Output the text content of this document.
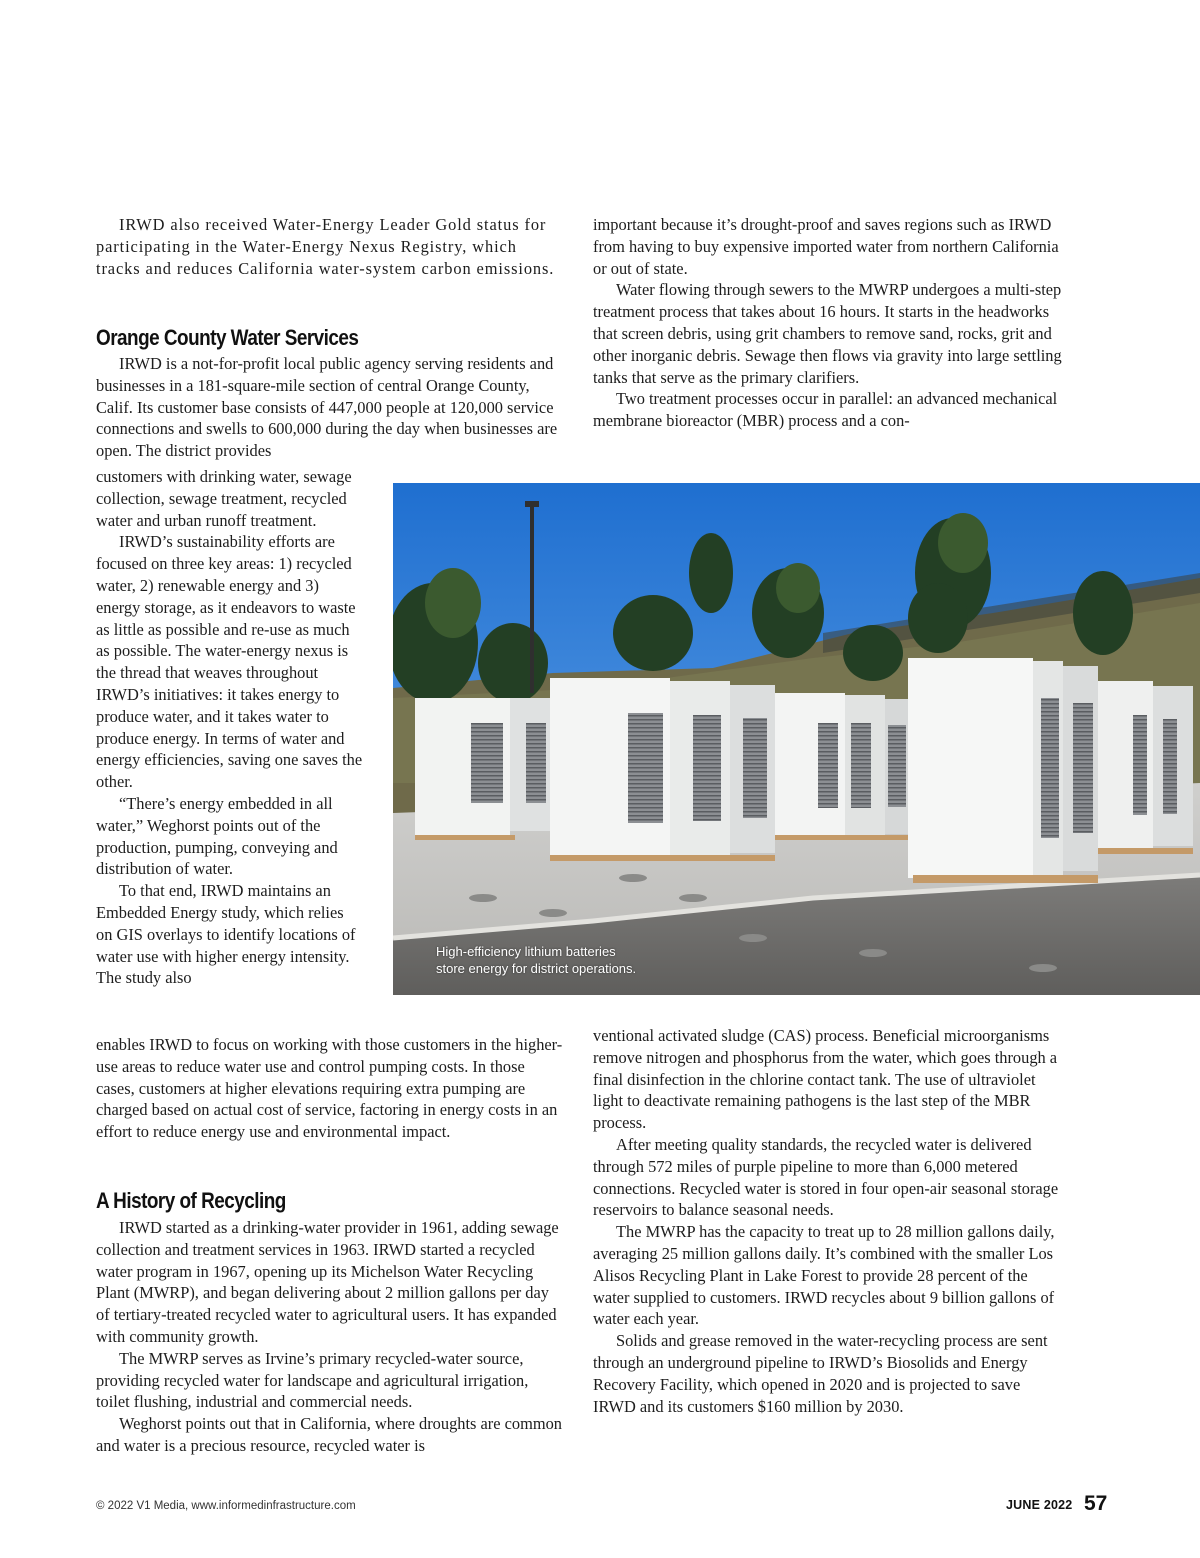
IRWD also received Water-Energy Leader Gold status for participating in the Water-Energy Nexus Registry, which tracks and reduces California water-system carbon emissions.

Orange County Water Services

IRWD is a not-for-profit local public agency serving residents and businesses in a 181-square-mile section of central Orange County, Calif. Its customer base consists of 447,000 people at 120,000 service connections and swells to 600,000 during the day when businesses are open. The district provides

customers with drinking water, sewage collection, sewage treatment, recycled water and urban runoff treatment.

IRWD’s sustainability efforts are focused on three key areas: 1) recycled water, 2) renewable energy and 3) energy storage, as it endeavors to waste as little as possible and re-use as much as possible. The water-energy nexus is the thread that weaves throughout IRWD’s initiatives: it takes energy to produce water, and it takes water to produce energy. In terms of water and energy efficiencies, saving one saves the other.

“There’s energy embedded in all water,” Weghorst points out of the production, pumping, conveying and distribution of water.

To that end, IRWD maintains an Embedded Energy study, which relies on GIS overlays to identify locations of water use with higher energy intensity. The study also

enables IRWD to focus on working with those customers in the higher-use areas to reduce water use and control pumping costs. In those cases, customers at higher elevations requiring extra pumping are charged based on actual cost of service, factoring in energy costs in an effort to reduce energy use and environmental impact.

A History of Recycling

IRWD started as a drinking-water provider in 1961, adding sewage collection and treatment services in 1963. IRWD started a recycled water program in 1967, opening up its Michelson Water Recycling Plant (MWRP), and began delivering about 2 million gallons per day of tertiary-treated recycled water to agricultural users. It has expanded with community growth.

The MWRP serves as Irvine’s primary recycled-water source, providing recycled water for landscape and agricultural irrigation, toilet flushing, industrial and commercial needs.

Weghorst points out that in California, where droughts are common and water is a precious resource, recycled water is

important because it’s drought-proof and saves regions such as IRWD from having to buy expensive imported water from northern California or out of state.

Water flowing through sewers to the MWRP undergoes a multi-step treatment process that takes about 16 hours. It starts in the headworks that screen debris, using grit chambers to remove sand, rocks, grit and other inorganic debris. Sewage then flows via gravity into large settling tanks that serve as the primary clarifiers.

Two treatment processes occur in parallel: an advanced mechanical membrane bioreactor (MBR) process and a con-

ventional activated sludge (CAS) process. Beneficial microorganisms remove nitrogen and phosphorus from the water, which goes through a final disinfection in the chlorine contact tank. The use of ultraviolet light to deactivate remaining pathogens is the last step of the MBR process.

After meeting quality standards, the recycled water is delivered through 572 miles of purple pipeline to more than 6,000 metered connections. Recycled water is stored in four open-air seasonal storage reservoirs to balance seasonal needs.

The MWRP has the capacity to treat up to 28 million gallons daily, averaging 25 million gallons daily. It’s combined with the smaller Los Alisos Recycling Plant in Lake Forest to provide 28 percent of the water supplied to customers. IRWD recycles about 9 billion gallons of water each year.

Solids and grease removed in the water-recycling process are sent through an underground pipeline to IRWD’s Biosolids and Energy Recovery Facility, which opened in 2020 and is projected to save IRWD and its customers $160 million by 2030.

High-efficiency lithium batteries
store energy for district operations.
© 2022 V1 Media, www.informedinfrastructure.com	JUNE 2022 57
